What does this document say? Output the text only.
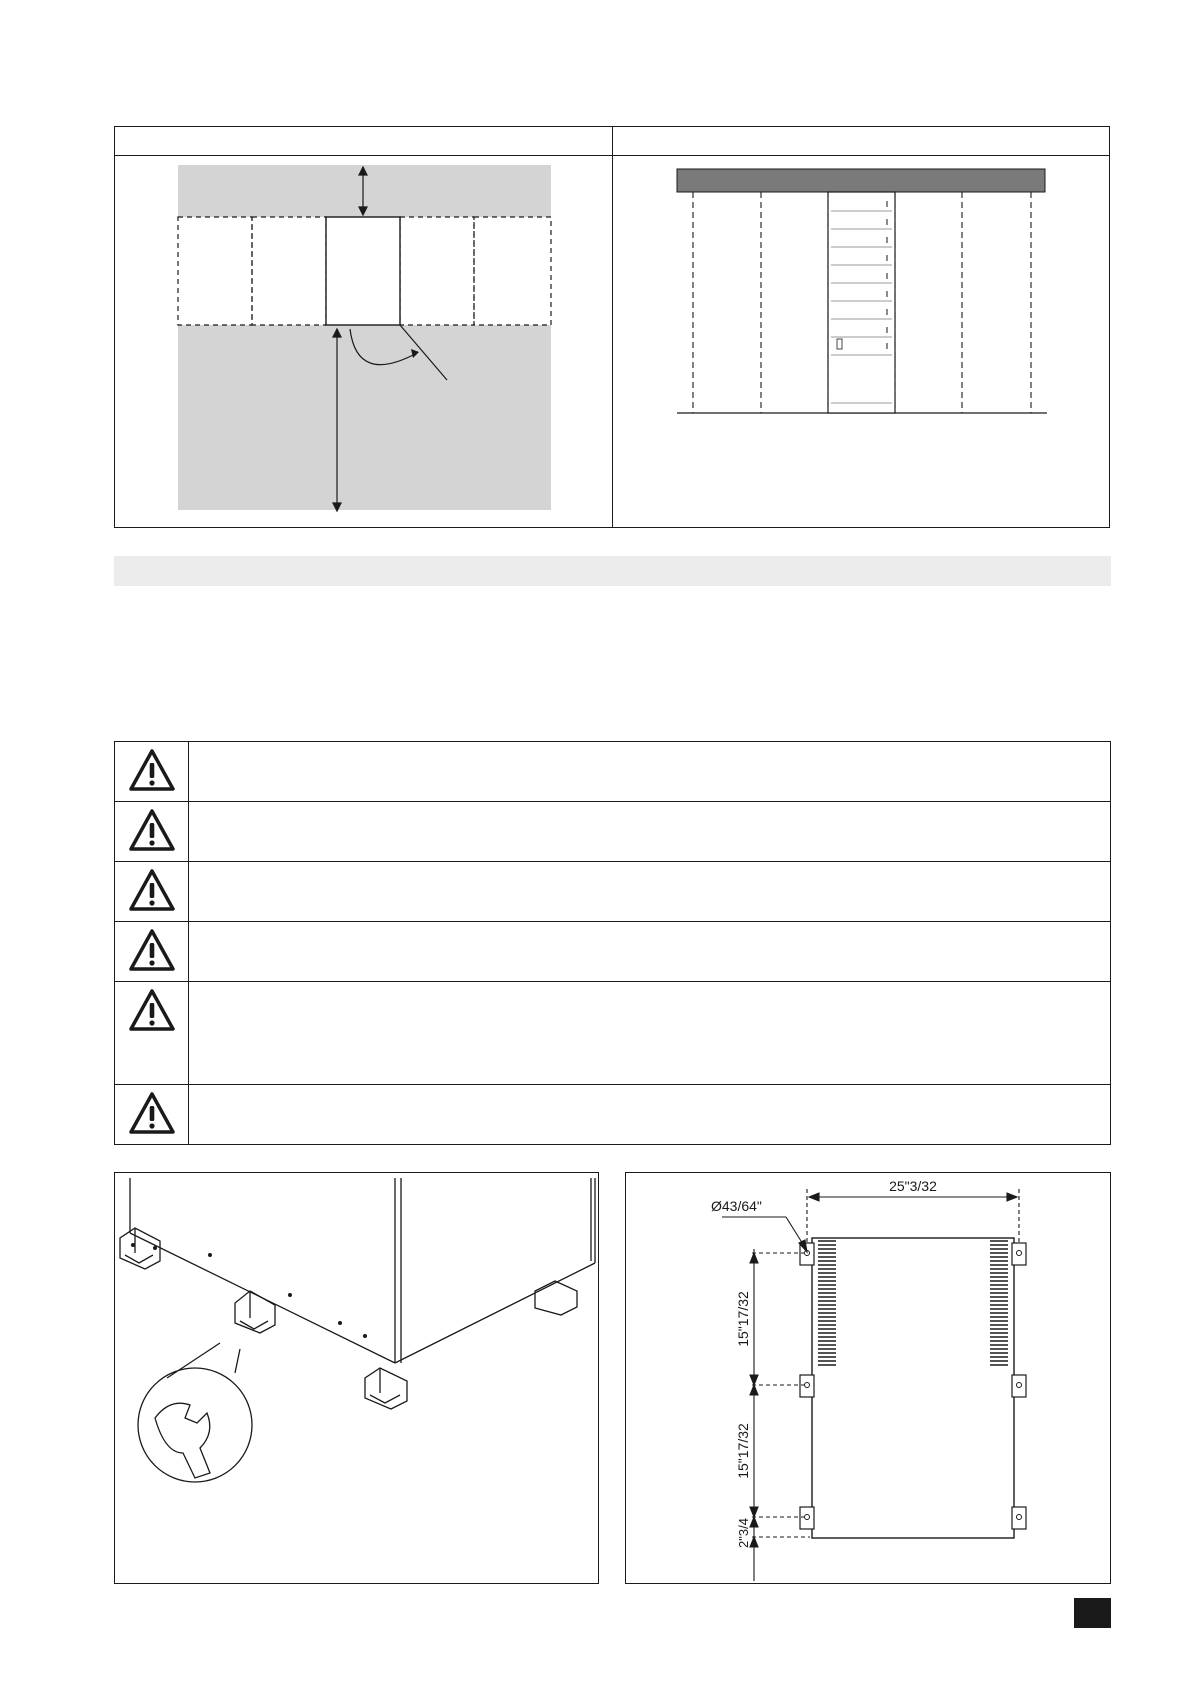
25"3/32
Ø43/64"
15"17/32
15"17/32
2"3/4
